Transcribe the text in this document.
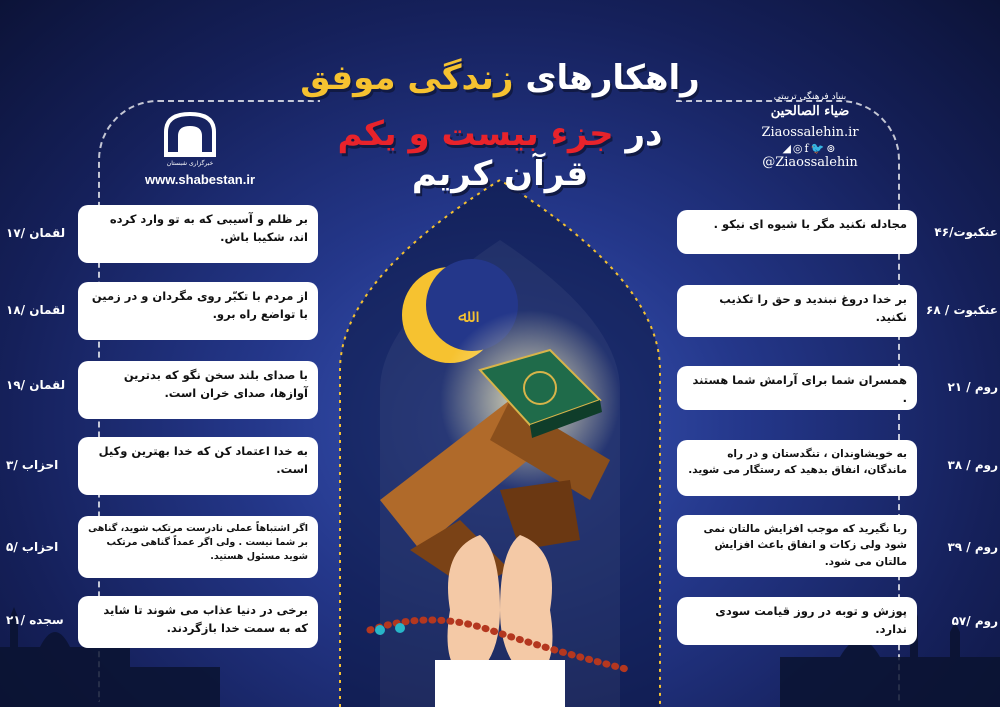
راهکارهای زندگی موفق
در جزء بیست و یکم قرآن کریم
بنیاد فرهنگی تربیتی
ضیاء الصالحین
Ziaossalehin.ir
◢◎f🐦⊚
@Ziaossalehin
خبرگزاری شبستان
www.shabestan.ir
ﷲ
بر ظلم و آسیبی که به تو وارد کرده اند، شکیبا باش.
لقمان /۱۷
از مردم با تکبّر روی مگردان و در زمین با تواضع راه برو.
لقمان /۱۸
با صدای بلند سخن نگو که بدترین آوازها، صدای خران است.
لقمان /۱۹
به خدا اعتماد کن که خدا بهترین وکیل است.
احزاب /۳
اگر اشتباهاً عملی نادرست مرتکب شوید، گناهی بر شما نیست . ولی اگر عمداً گناهی مرتکب شوید مسئول هستید.
احزاب /۵
برخی در دنیا عذاب می شوند تا شاید که به سمت خدا بازگردند.
سجده /۲۱
مجادله نکنید مگر با شیوه ای نیکو .
عنکبوت/۴۶
بر خدا دروغ نبندید و حق را تکذیب نکنید.	عنکبوت / ۶۸
همسران شما برای آرامش شما هستند .
روم / ۲۱
به خویشاوندان ، تنگدستان و در راه ماندگان، انفاق بدهید که رستگار می شوید.	روم / ۳۸
ربا نگیرید که موجب افزایش مالتان نمی شود ولی زکات و انفاق باعث افزایش مالتان می شود.
روم / ۳۹
پوزش و توبه در روز قیامت سودی ندارد.
روم /۵۷
